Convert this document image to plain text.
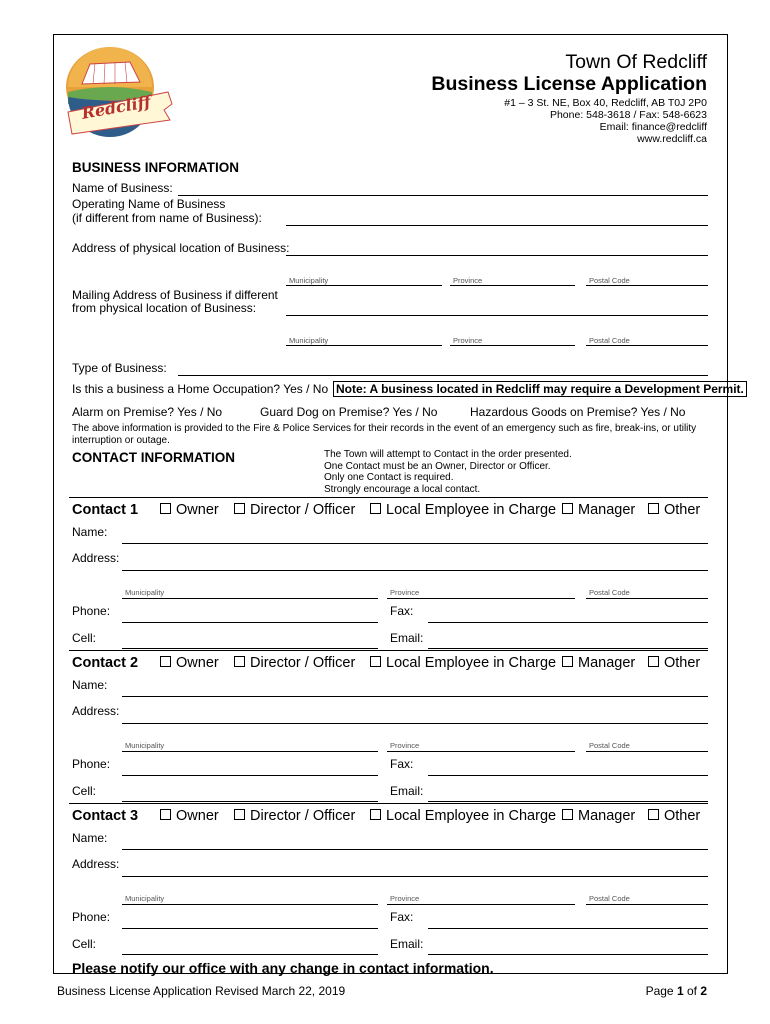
Redcliff
Town Of Redcliff
Business License Application
#1 – 3 St. NE, Box 40, Redcliff, AB T0J 2P0
Phone: 548-3618 / Fax: 548-6623
Email: finance@redcliff
www.redcliff.ca
BUSINESS INFORMATION
Name of Business:
Operating Name of Business
(if different from name of Business):
Address of physical location of Business:
Municipality	Province	Postal Code
Mailing Address of Business if different
from physical location of Business:
Municipality	Province	Postal Code
Type of Business:
Is this a business a Home Occupation? Yes / No Note: A business located in Redcliff may require a Development Permit.
Alarm on Premise? Yes / No	Guard Dog on Premise? Yes / No	Hazardous Goods on Premise? Yes / No
The above information is provided to the Fire & Police Services for their records in the event of an emergency such as fire, break-ins, or utility
interruption or outage.
CONTACT INFORMATION	The Town will attempt to Contact in the order presented.
One Contact must be an Owner, Director or Officer.
Only one Contact is required.
Strongly encourage a local contact.
Contact 1	Owner	Director / Officer	Local Employee in Charge	Manager	Other
Name:
Address:
Municipality	Province	Postal Code
Phone:	Fax:
Cell:	Email:
Contact 2	Owner	Director / Officer	Local Employee in Charge	Manager	Other
Name:
Address:
Municipality	Province	Postal Code
Phone:	Fax:
Cell:	Email:
Contact 3	Owner	Director / Officer	Local Employee in Charge	Manager	Other
Name:
Address:
Municipality	Province	Postal Code
Phone:	Fax:
Cell:	Email:
Please notify our office with any change in contact information.
Business License Application Revised March 22, 2019	Page 1 of 2
